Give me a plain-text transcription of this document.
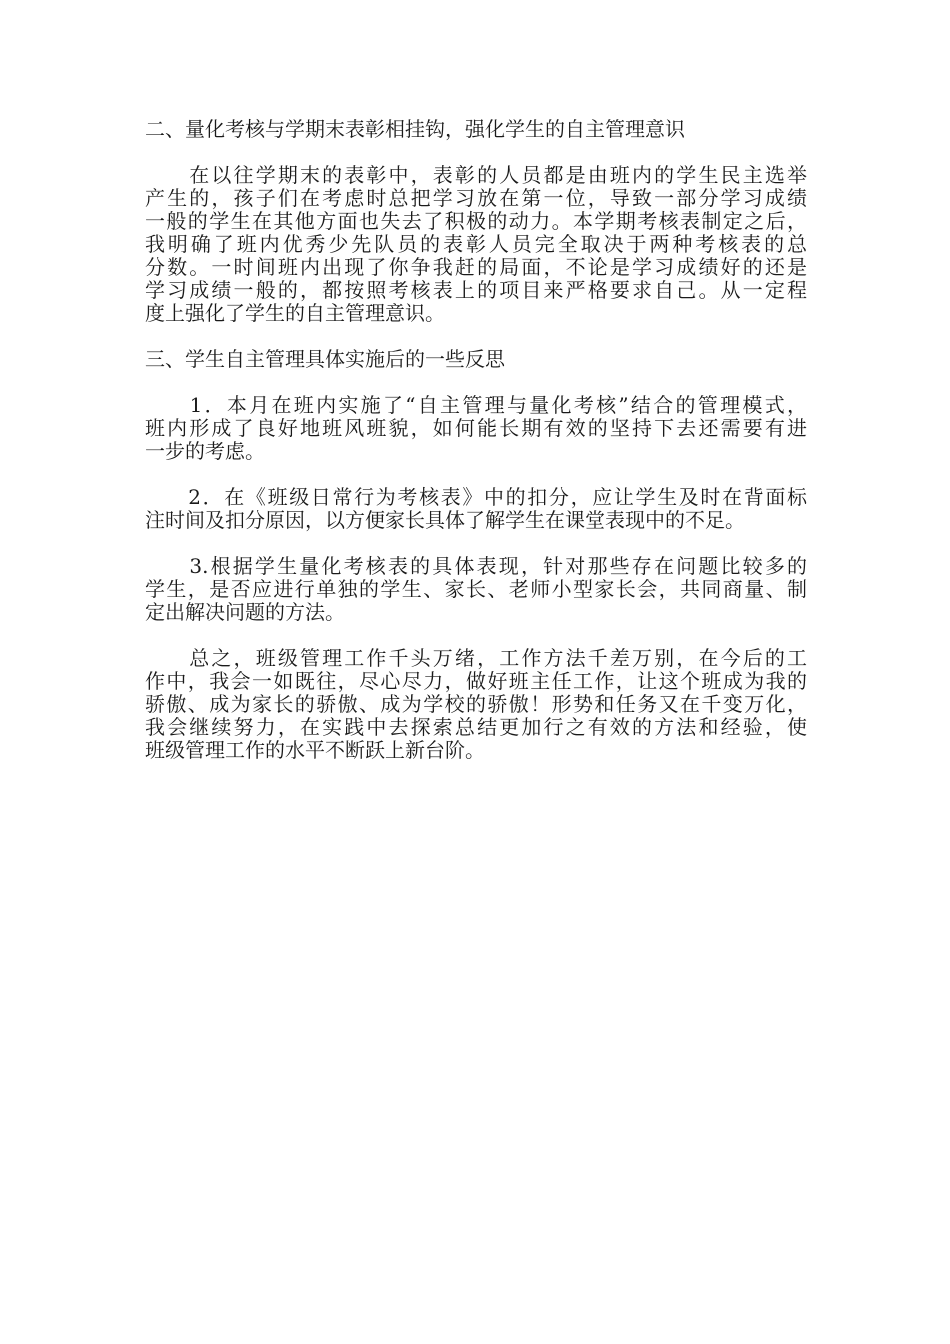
二、量化考核与学期末表彰相挂钩，强化学生的自主管理意识

　　在以往学期末的表彰中，表彰的人员都是由班内的学生民主选举
产生的，孩子们在考虑时总把学习放在第一位，导致一部分学习成绩
一般的学生在其他方面也失去了积极的动力。本学期考核表制定之后，
我明确了班内优秀少先队员的表彰人员完全取决于两种考核表的总
分数。一时间班内出现了你争我赶的局面，不论是学习成绩好的还是
学习成绩一般的，都按照考核表上的项目来严格要求自己。从一定程
度上强化了学生的自主管理意识。

三、学生自主管理具体实施后的一些反思

　　1．本月在班内实施了“自主管理与量化考核”结合的管理模式，
班内形成了良好地班风班貌，如何能长期有效的坚持下去还需要有进
一步的考虑。
　　2．在《班级日常行为考核表》中的扣分，应让学生及时在背面标
注时间及扣分原因，以方便家长具体了解学生在课堂表现中的不足。
　　3.根据学生量化考核表的具体表现，针对那些存在问题比较多的
学生，是否应进行单独的学生、家长、老师小型家长会，共同商量、制
定出解决问题的方法。
　　总之，班级管理工作千头万绪，工作方法千差万别，在今后的工
作中，我会一如既往，尽心尽力，做好班主任工作，让这个班成为我的
骄傲、成为家长的骄傲、成为学校的骄傲！形势和任务又在千变万化，
我会继续努力，在实践中去探索总结更加行之有效的方法和经验，使
班级管理工作的水平不断跃上新台阶。
